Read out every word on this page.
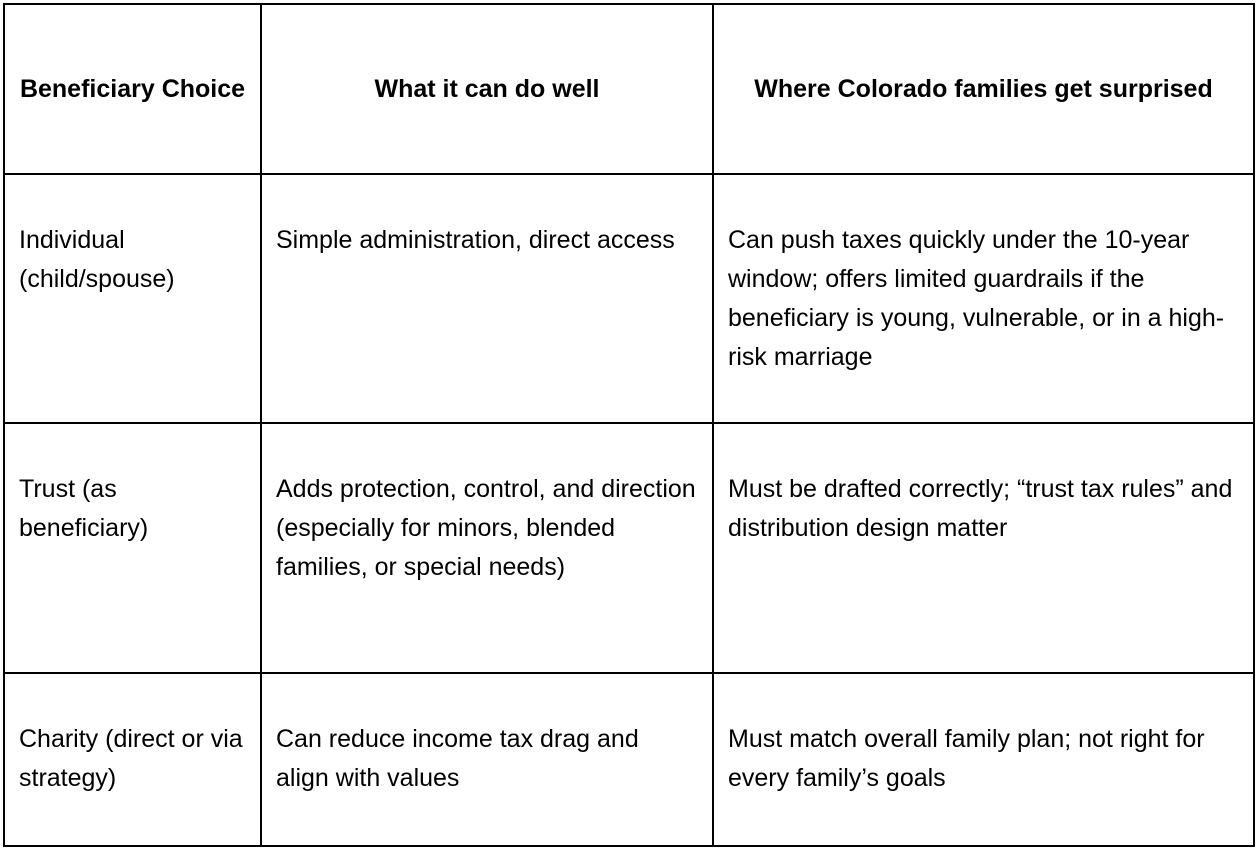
Beneficiary Choice	What it can do well	Where Colorado families get surprised
Individual (child/spouse)	Simple administration, direct access	Can push taxes quickly under the 10-year window; offers limited guardrails if the beneficiary is young, vulnerable, or in a high-risk marriage
Trust (as beneficiary)	Adds protection, control, and direction (especially for minors, blended families, or special needs)	Must be drafted correctly; “trust tax rules” and distribution design matter
Charity (direct or via strategy)	Can reduce income tax drag and align with values	Must match overall family plan; not right for every family’s goals
